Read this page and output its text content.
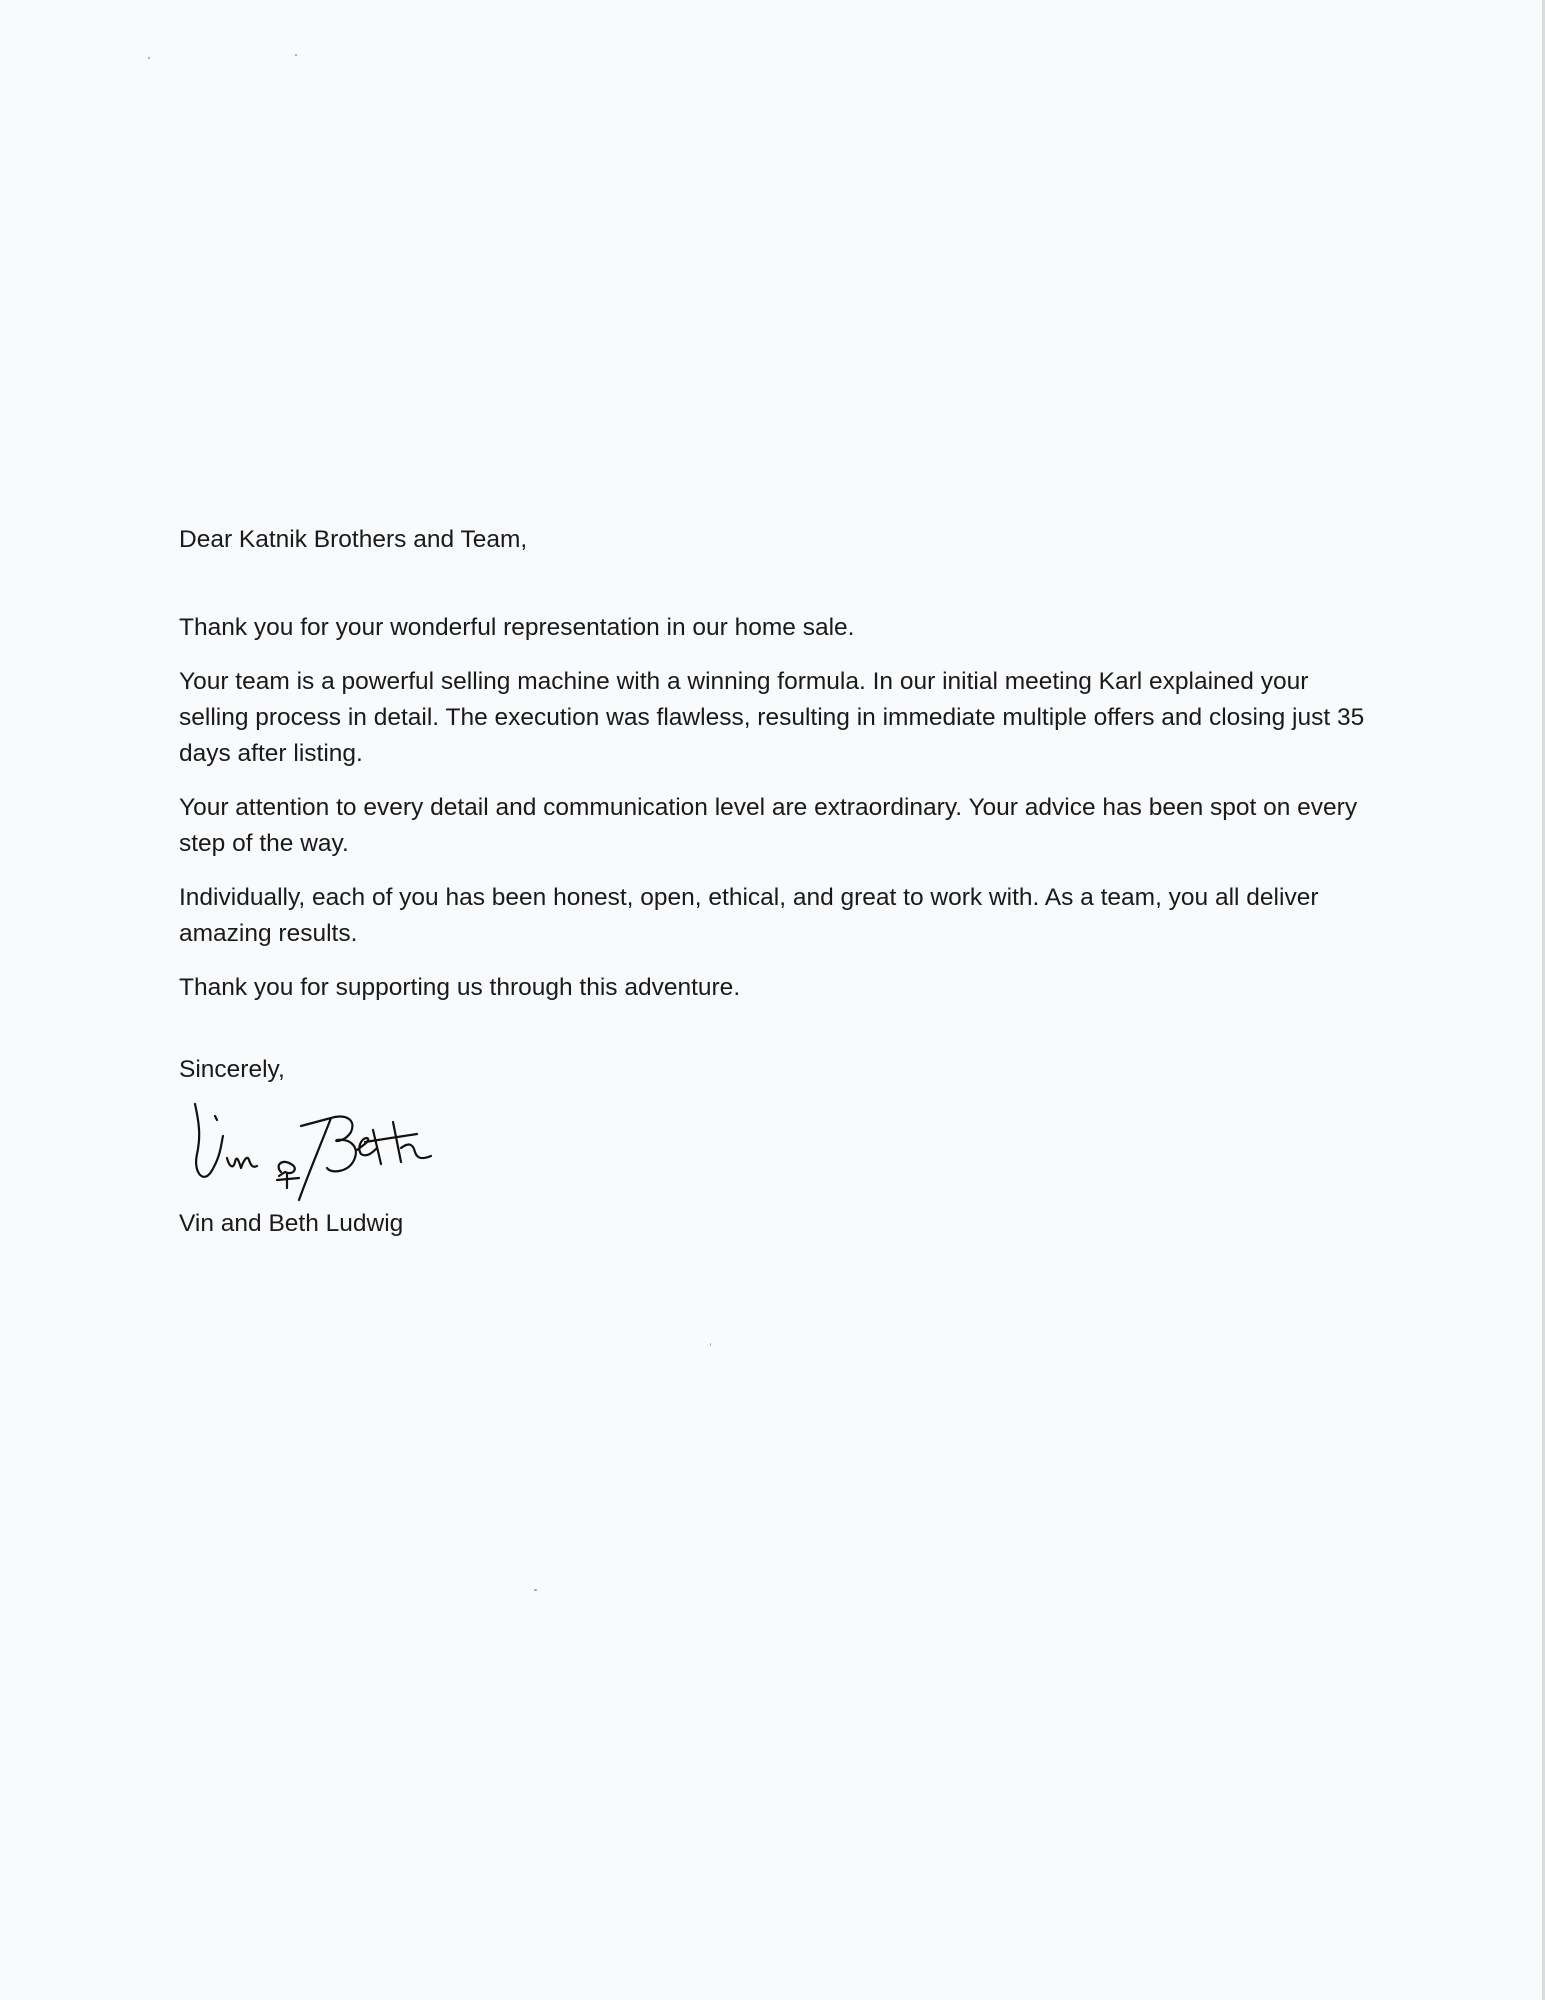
Dear Katnik Brothers and Team,

Thank you for your wonderful representation in our home sale.

Your team is a powerful selling machine with a winning formula. In our initial meeting Karl explained your selling process in detail. The execution was flawless, resulting in immediate multiple offers and closing just 35 days after listing.

Your attention to every detail and communication level are extraordinary. Your advice has been spot on every step of the way.

Individually, each of you has been honest, open, ethical, and great to work with. As a team, you all deliver amazing results.

Thank you for supporting us through this adventure.

Sincerely,

Vin and Beth Ludwig
